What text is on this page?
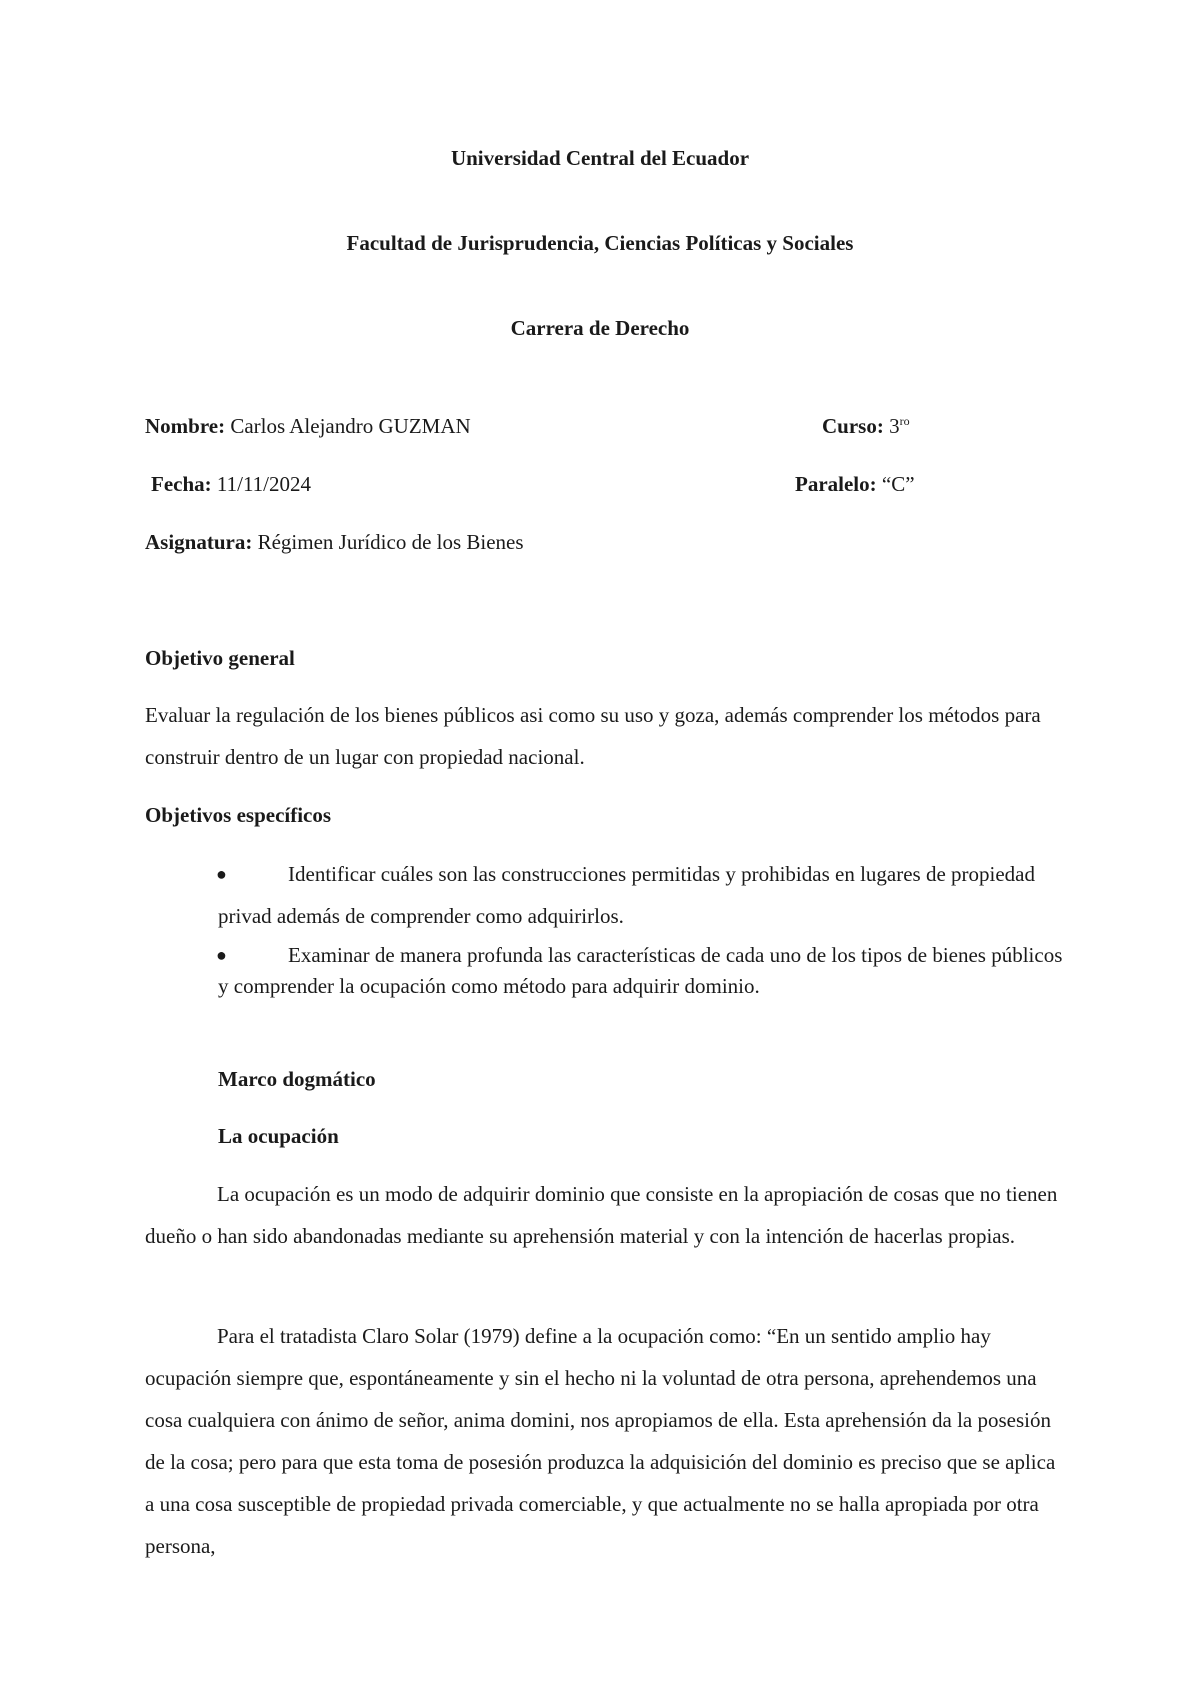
Universidad Central del Ecuador
Facultad de Jurisprudencia, Ciencias Políticas y Sociales
Carrera de Derecho
Nombre: Carlos Alejandro GUZMAN	Curso: $3^{ro}$
Fecha: 11/11/2024	Paralelo: “C”
Asignatura: Régimen Jurídico de los Bienes
Objetivo general
Evaluar la regulación de los bienes públicos asi como su uso y goza, además comprender los métodos para construir dentro de un lugar con propiedad nacional.
Objetivos específicos
●	Identificar cuáles son las construcciones permitidas y prohibidas en lugares de propiedad privad además de comprender como adquirirlos.
●	Examinar de manera profunda las características de cada uno de los tipos de bienes públicos y comprender la ocupación como método para adquirir dominio.
Marco dogmático
La ocupación
La ocupación es un modo de adquirir dominio que consiste en la apropiación de cosas que no tienen dueño o han sido abandonadas mediante su aprehensión material y con la intención de hacerlas propias.
Para el tratadista Claro Solar (1979) define a la ocupación como: “En un sentido amplio hay ocupación siempre que, espontáneamente y sin el hecho ni la voluntad de otra persona, aprehendemos una cosa cualquiera con ánimo de señor, anima domini, nos apropiamos de ella. Esta aprehensión da la posesión de la cosa; pero para que esta toma de posesión produzca la adquisición del dominio es preciso que se aplica a una cosa susceptible de propiedad privada comerciable, y que actualmente no se halla apropiada por otra persona,
